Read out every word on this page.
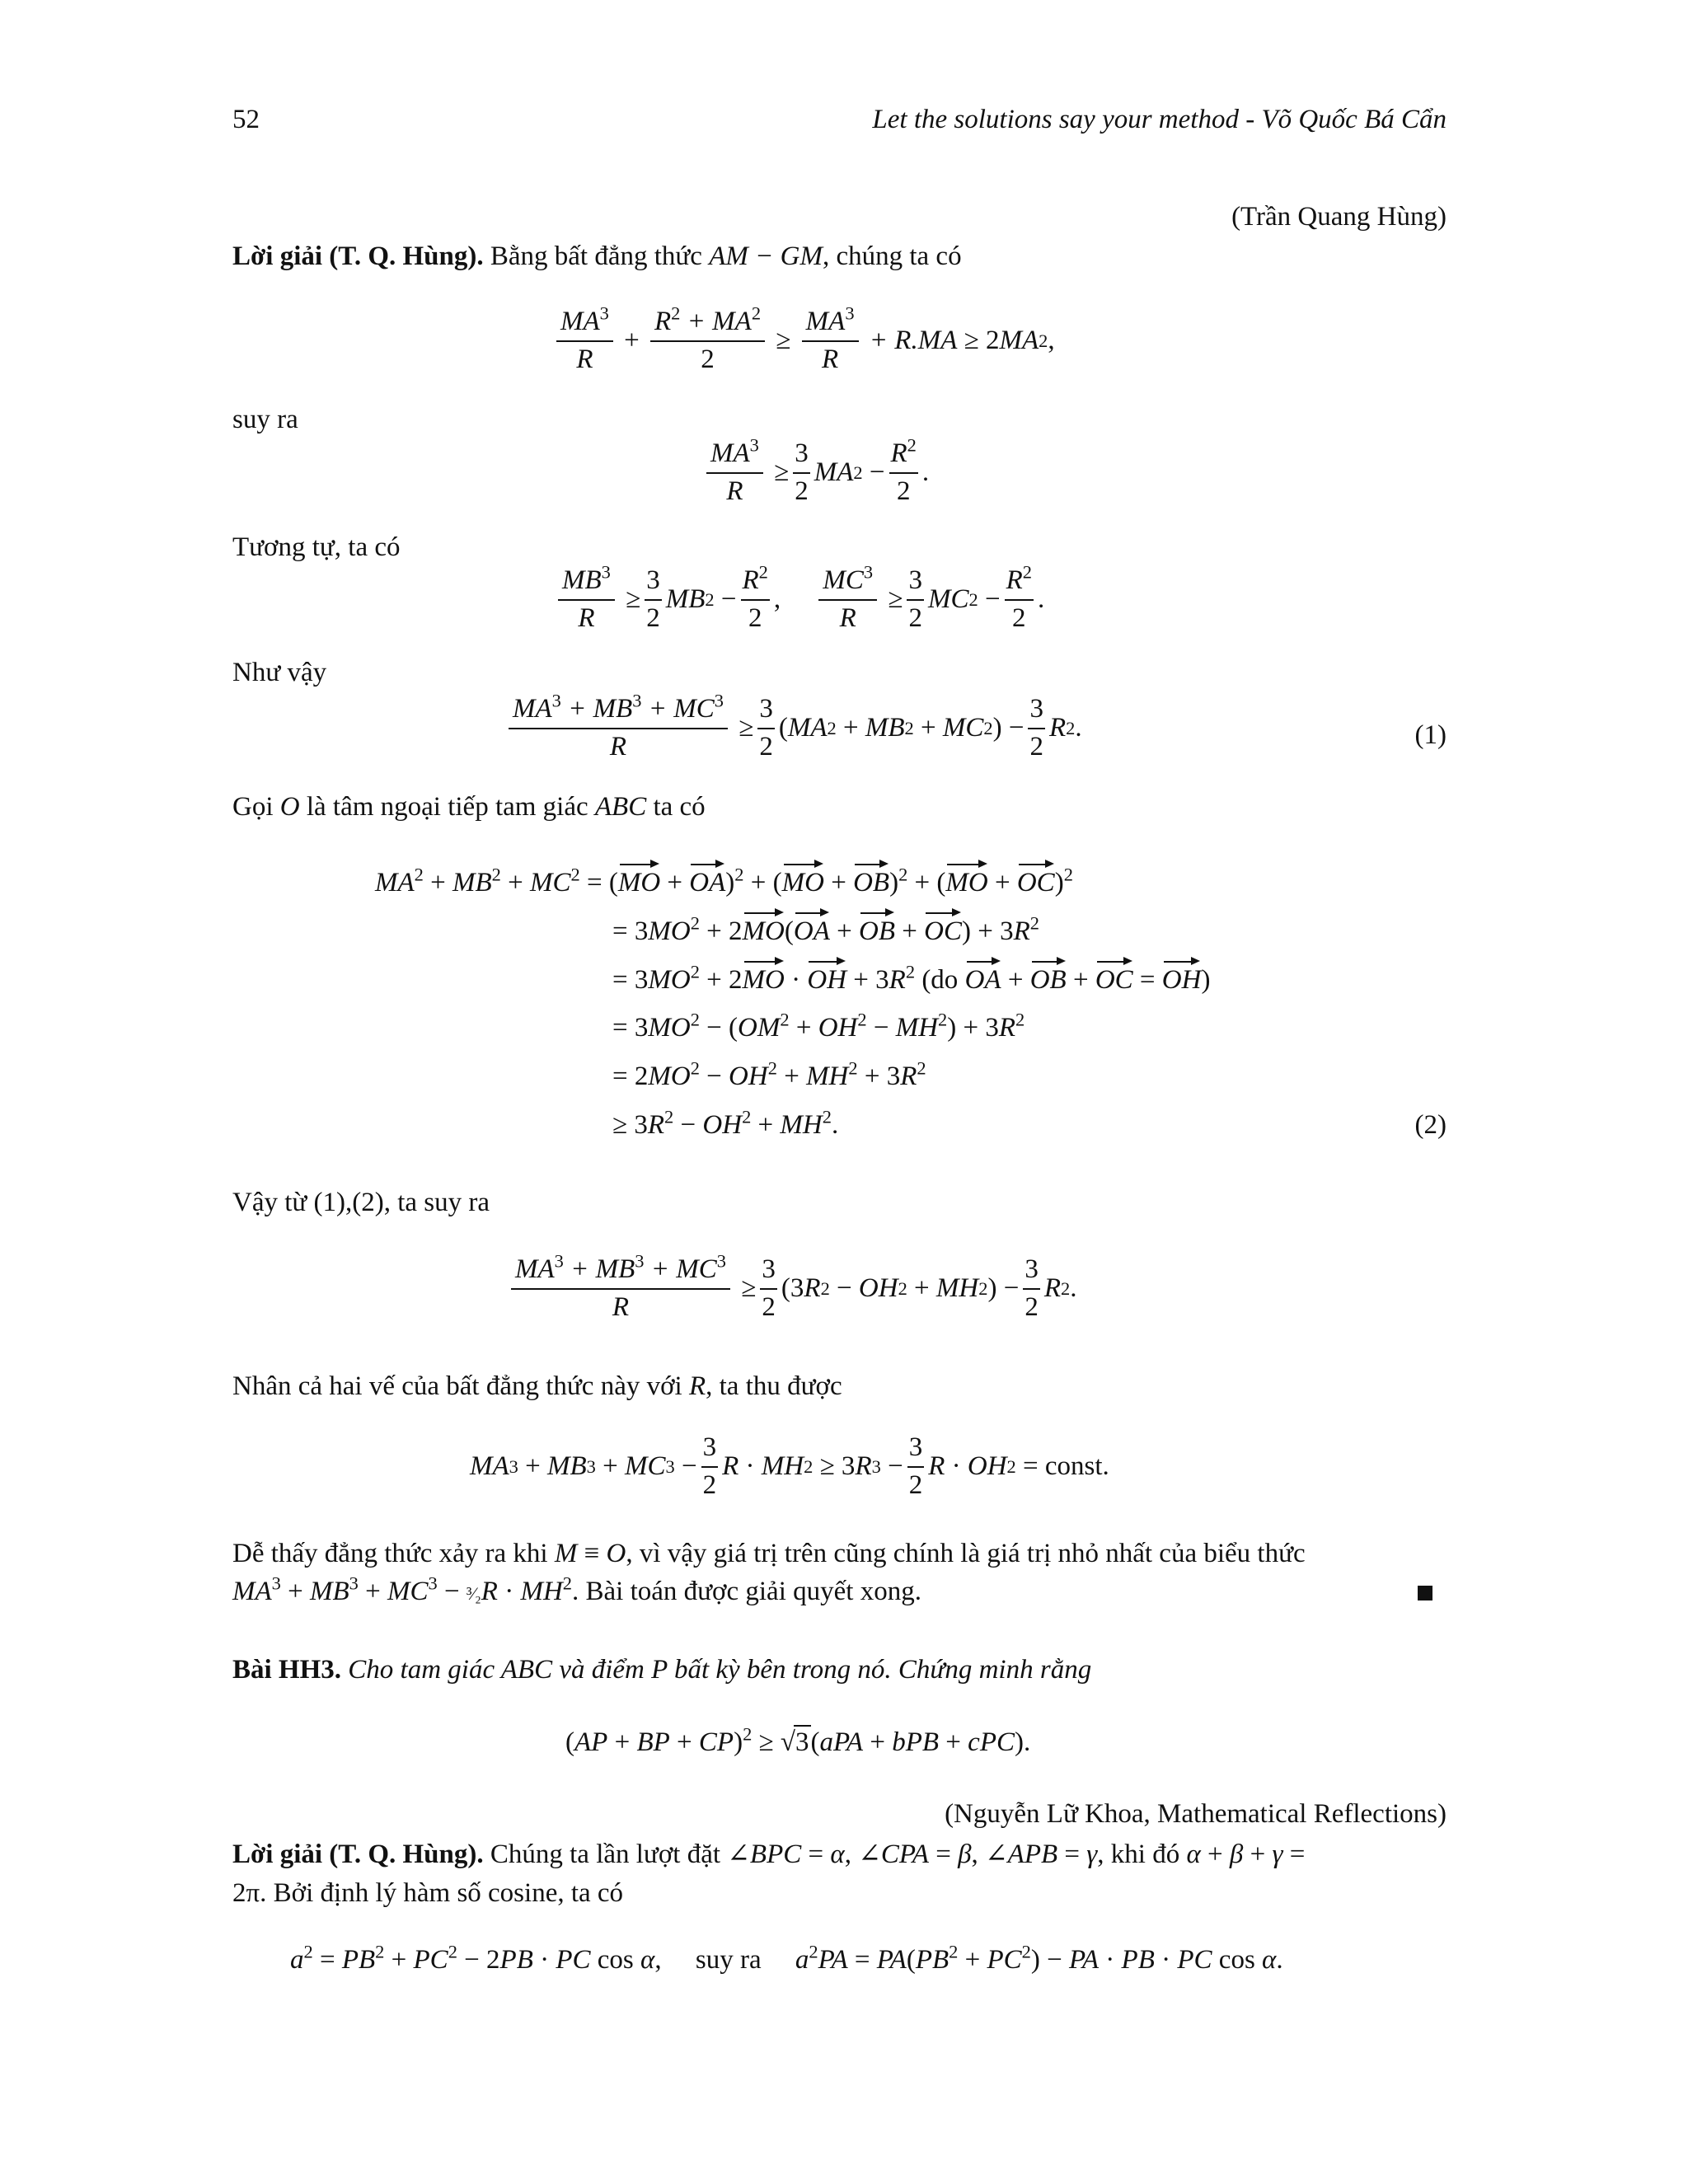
52	Let the solutions say your method - Võ Quốc Bá Cẩn
(Trần Quang Hùng)
Lời giải (T. Q. Hùng). Bằng bất đẳng thức AM − GM, chúng ta có
$\frac{MA^3}{R} + \frac{R^2 + MA^2}{2} \ge \frac{MA^3}{R} + R.MA \ge 2$ MA 2 ,
suy ra
$\frac{MA^3}{R} \ge \frac{3}{2}$ MA $2 - \frac{R^2}{2}$ .
Tương tự, ta có
$\frac{MB^3}{R} \ge \frac{3}{2}$ MB $2 - \frac{R^2}{2}$ , $\frac{MC^3}{R} \ge \frac{3}{2}$ MC $2 - \frac{R^2}{2}$ .
Như vậy
$\frac{MA^3 + MB^3 + MC^3}{R} \ge \frac{3}{2}$ ( MA 2 + MB 2 + MC 2 ) − $\frac{3}{2}$ R 2 .	(1)
Gọi O là tâm ngoại tiếp tam giác ABC ta có
$MA^2 + MB^2 + MC^2 = (MO + OA)^2 + (MO + OB)^2 + (MO + OC)^2$
= $3MO^2 + 2MO(OA$ + OB + $OC) + 3R^2$
= $3MO^2 + 2MO$ · OH + $3R^2$ (do OA + OB + OC = OH)
= $3MO^2 - (OM^2 + OH^2 - MH^2) + 3R^2$
= $2MO^2 - OH^2 + MH^2 + 3R^2$
≥ $3R^2 - OH^2 + MH^2$.	(2)
Vậy từ (1),(2), ta suy ra
$\frac{MA^3 + MB^3 + MC^3}{R} \ge \frac{3}{2} (3$ R 2 − OH 2 + MH 2 ) − $\frac{3}{2}$ R 2 .
Nhân cả hai vế của bất đẳng thức này với R, ta thu được
MA 3 + MB 3 + MC $3 - \frac{3}{2}$ R · MH 2 ≥ 3 R $3 - \frac{3}{2}$ R · OH 2 = const.
Dễ thấy đẳng thức xảy ra khi M ≡ O, vì vậy giá trị trên cũng chính là giá trị nhỏ nhất của biểu thức
$MA^3 + MB^3 + MC^3$ − ³⁄₂R · $MH^2$. Bài toán được giải quyết xong.
Bài HH3. Cho tam giác ABC và điểm P bất kỳ bên trong nó. Chứng minh rằng
(AP + BP + CP)$^2$ ≥ √3(aPA + bPB + cPC).
(Nguyễn Lữ Khoa, Mathematical Reflections)
Lời giải (T. Q. Hùng). Chúng ta lần lượt đặt ∠BPC = α, ∠CPA = β, ∠APB = γ, khi đó α + β + γ =
2π. Bởi định lý hàm số cosine, ta có
$a^2 = PB^2 + PC^2 - 2PB$ · PC cos α,     suy ra $a^2PA = PA(PB^2 + PC^2)$ − PA · PB · PC cos α.
